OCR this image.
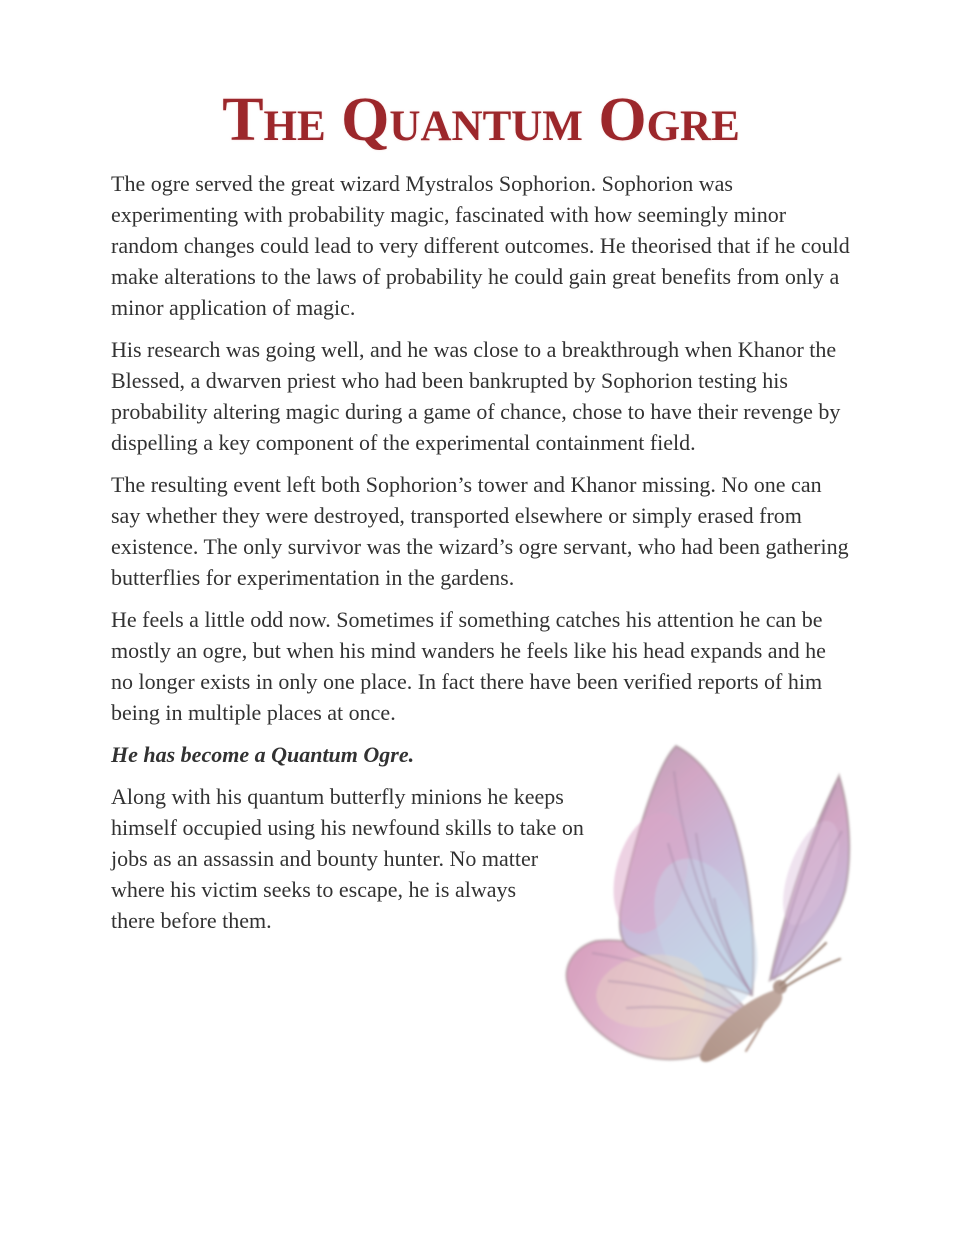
The Quantum Ogre

The ogre served the great wizard Mystralos Sophorion. Sophorion was experimenting with probability magic, fascinated with how seemingly minor random changes could lead to very different outcomes. He theorised that if he could make alterations to the laws of probability he could gain great benefits from only a minor application of magic.

His research was going well, and he was close to a breakthrough when Khanor the Blessed, a dwarven priest who had been bankrupted by Sophorion testing his probability altering magic during a game of chance, chose to have their revenge by dispelling a key component of the experimental containment field.

The resulting event left both Sophorion’s tower and Khanor missing. No one can say whether they were destroyed, transported elsewhere or simply erased from existence. The only survivor was the wizard’s ogre servant, who had been gathering butterflies for experimentation in the gardens.

He feels a little odd now. Sometimes if something catches his attention he can be mostly an ogre, but when his mind wanders he feels like his head expands and he no longer exists in only one place. In fact there have been verified reports of him being in multiple places at once.

He has become a Quantum Ogre.

Along with his quantum butterfly minions he keeps himself occupied using his newfound skills to take on jobs as an assassin and bounty hunter. No matter where his victim seeks to escape, he is always there before them.
